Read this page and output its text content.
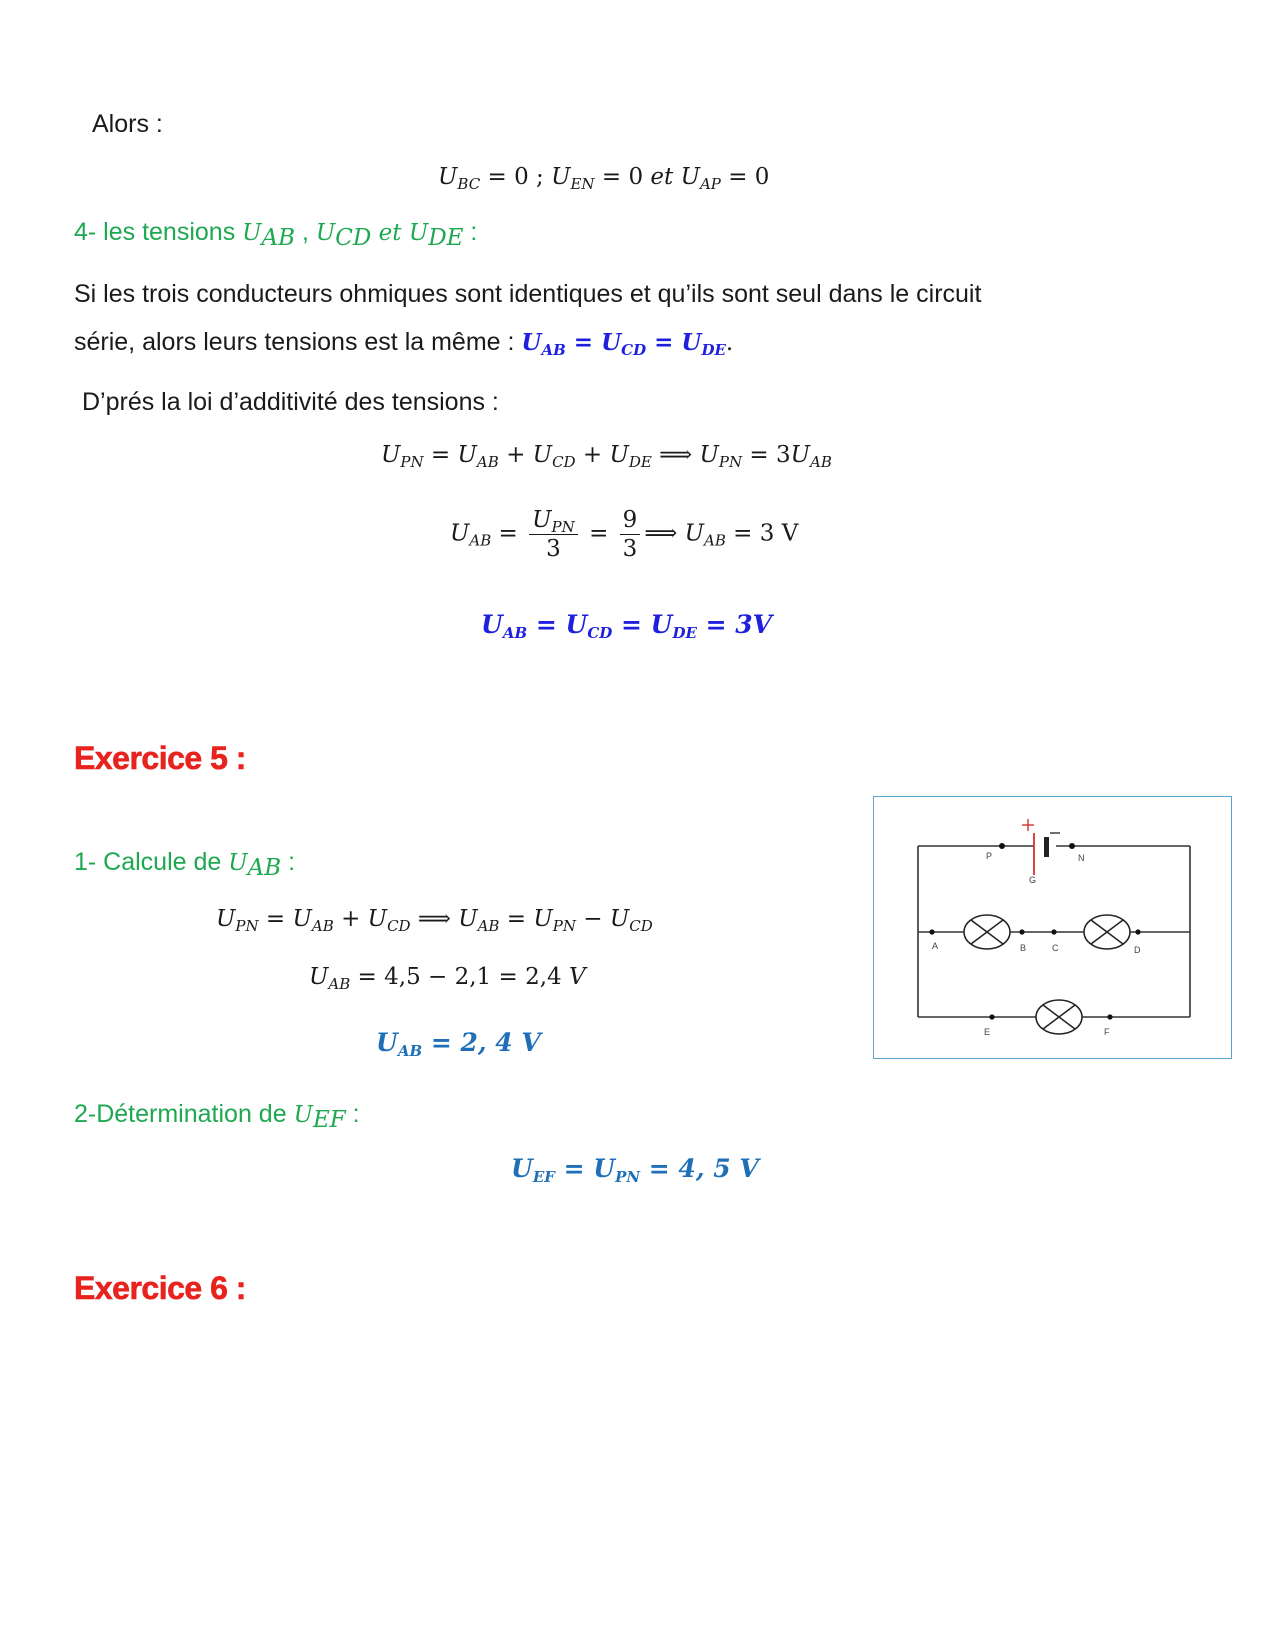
Alors :
$U_{BC} = 0$ ; $U_{EN} = 0$ et $U_{AP} = 0$
4- les tensions $U_{AB}$ , $U_{CD}$ et $U_{DE}$ :
Si les trois conducteurs ohmiques sont identiques et qu’ils sont seul dans le circuit
série, alors leurs tensions est la même : $U_{AB} = U_{CD} = U_{DE}$.
D’prés la loi d’additivité des tensions :
$U_{PN} = U_{AB} + U_{CD} + U_{DE}$ ⟹ $U_{PN} = 3U_{AB}$
$U_{AB} = \frac{U_{PN}}{3} = \frac{9}{3}$ ⟹ $U_{AB} = 3$ V
$U_{AB} = U_{CD} = U_{DE} = 3V$
Exercice 5 :
1- Calcule de $U_{AB}$ :
$U_{PN} = U_{AB} + U_{CD}$ ⟹ $U_{AB} = U_{PN} - U_{CD}$
$U_{AB} = 4,5 - 2,1 = 2,4$ V
$U_{AB} = 2$, 4 V
2-Détermination de $U_{EF}$ :
$U_{EF} = U_{PN} = 4$, 5 V
Exercice 6 :
P	N
G
A	B	C	D
E	F
